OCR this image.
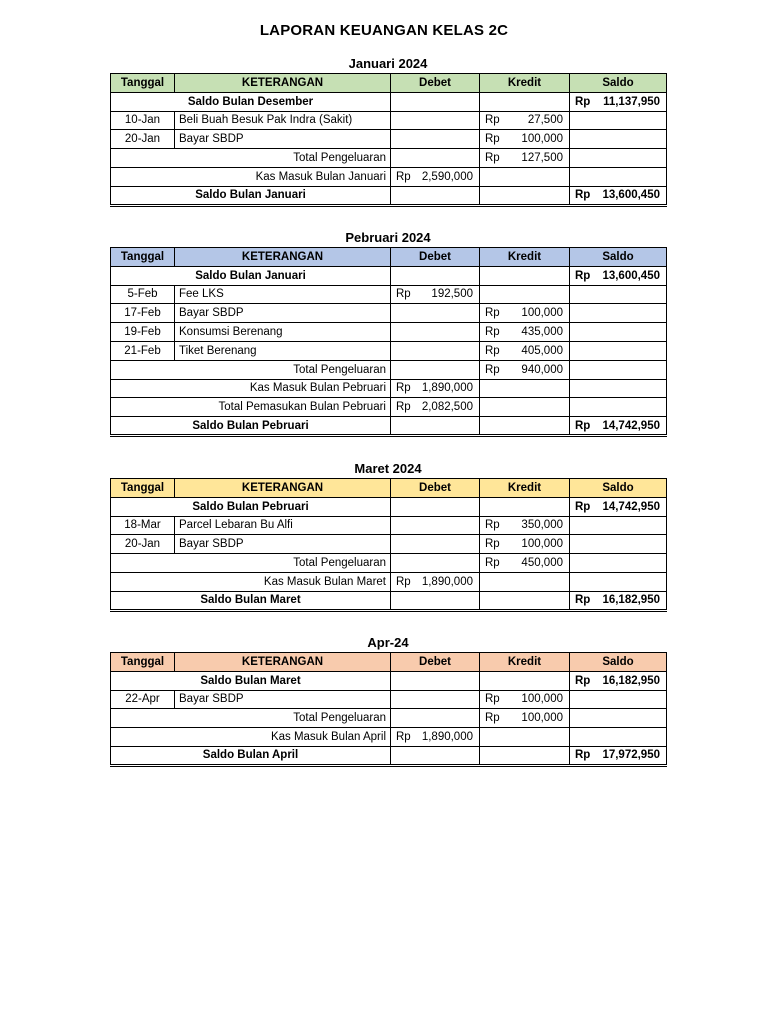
LAPORAN KEUANGAN KELAS 2C
Januari 2024
Tanggal	KETERANGAN	Debet	Kredit	Saldo
Saldo Bulan Desember				Rp 11,137,950

10-Jan	Beli Buah Besuk Pak Indra (Sakit)		Rp 27,500	

20-Jan	Bayar SBDP		Rp 100,000	

Total Pengeluaran			Rp 127,500	

Kas Masuk Bulan Januari		Rp 2,590,000		

Saldo Bulan Januari				Rp 13,600,450
Pebruari 2024
Tanggal	KETERANGAN	Debet	Kredit	Saldo
Saldo Bulan Januari				Rp 13,600,450

5-Feb	Fee LKS	Rp 192,500		

17-Feb	Bayar SBDP		Rp 100,000	

19-Feb	Konsumsi Berenang		Rp 435,000	

21-Feb	Tiket Berenang		Rp 405,000	

Total Pengeluaran			Rp 940,000	

Kas Masuk Bulan Pebruari		Rp 1,890,000		

Total Pemasukan Bulan Pebruari		Rp 2,082,500		

Saldo Bulan Pebruari				Rp 14,742,950
Maret 2024
Tanggal	KETERANGAN	Debet	Kredit	Saldo
Saldo Bulan Pebruari				Rp 14,742,950

18-Mar	Parcel Lebaran Bu Alfi		Rp 350,000	

20-Jan	Bayar SBDP		Rp 100,000	

Total Pengeluaran			Rp 450,000	

Kas Masuk Bulan Maret		Rp 1,890,000		

Saldo Bulan Maret				Rp 16,182,950
Apr-24
Tanggal	KETERANGAN	Debet	Kredit	Saldo
Saldo Bulan Maret				Rp 16,182,950

22-Apr	Bayar SBDP		Rp 100,000	

Total Pengeluaran			Rp 100,000	

Kas Masuk Bulan April		Rp 1,890,000		

Saldo Bulan April				Rp 17,972,950
